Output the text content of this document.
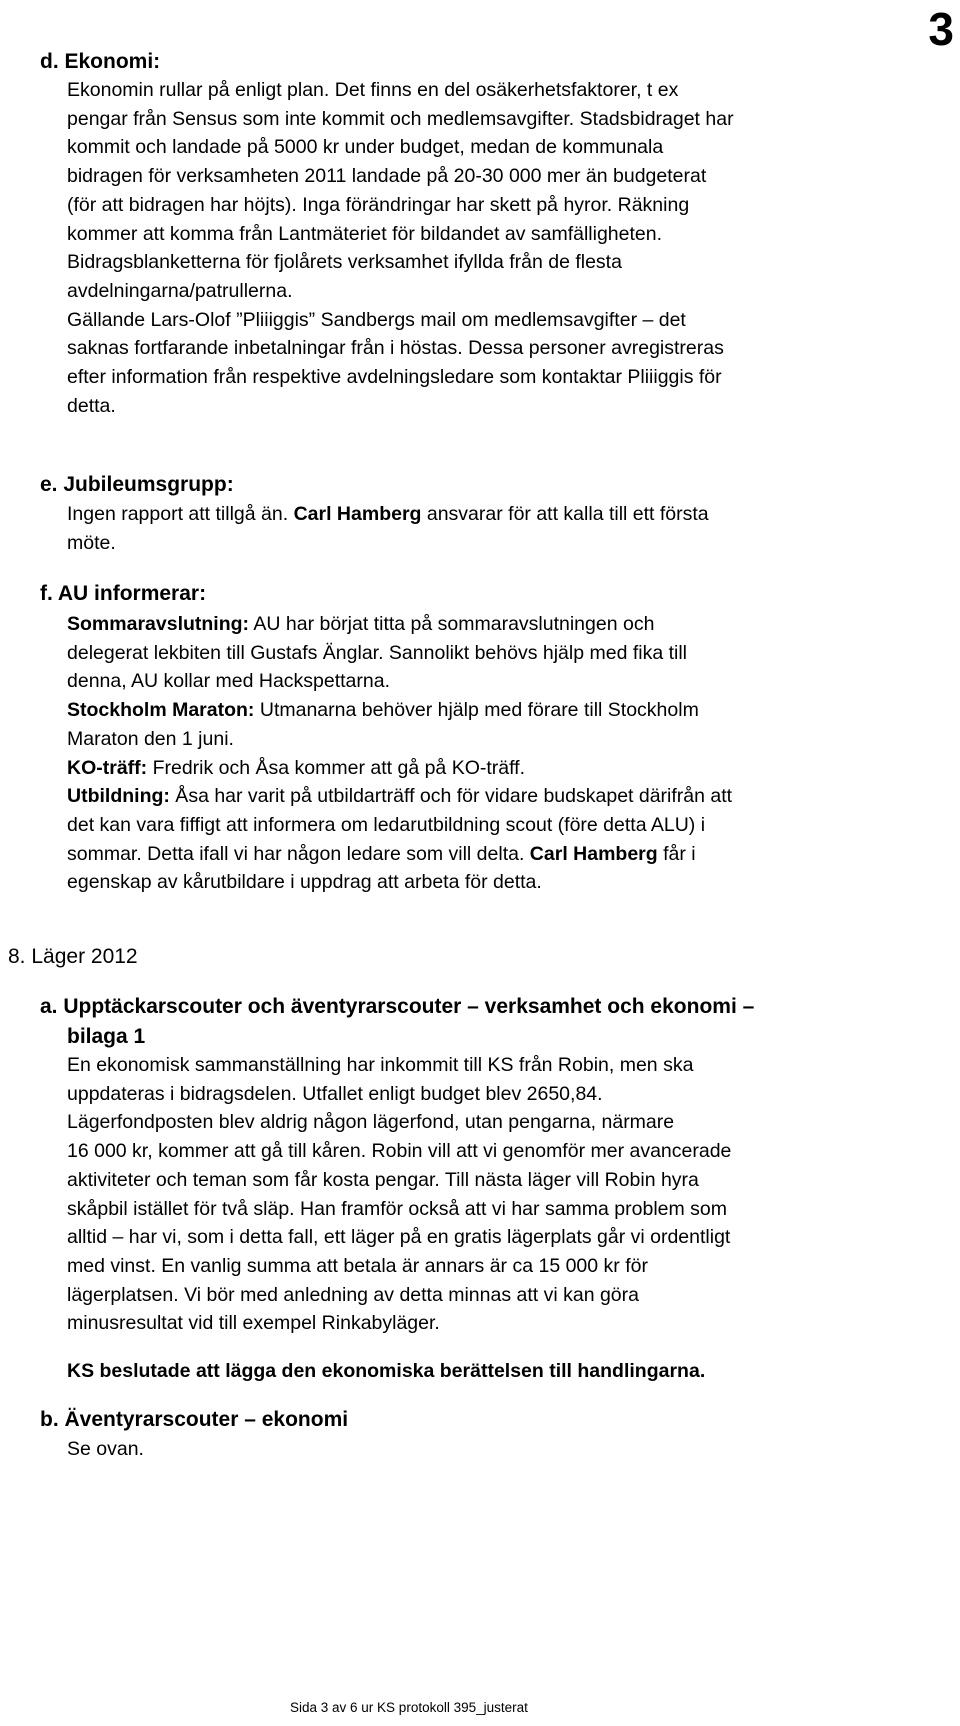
3
d. Ekonomi:

Ekonomin rullar på enligt plan. Det finns en del osäkerhetsfaktorer, t ex

pengar från Sensus som inte kommit och medlemsavgifter. Stadsbidraget har

kommit och landade på 5000 kr under budget, medan de kommunala

bidragen för verksamheten 2011 landade på 20-30 000 mer än budgeterat

(för att bidragen har höjts). Inga förändringar har skett på hyror. Räkning

kommer att komma från Lantmäteriet för bildandet av samfälligheten.

Bidragsblanketterna för fjolårets verksamhet ifyllda från de flesta

avdelningarna/patrullerna.

Gällande Lars-Olof ”Pliiiggis” Sandbergs mail om medlemsavgifter – det

saknas fortfarande inbetalningar från i höstas. Dessa personer avregistreras

efter information från respektive avdelningsledare som kontaktar Pliiiggis för

detta.

e. Jubileumsgrupp:

Ingen rapport att tillgå än. Carl Hamberg ansvarar för att kalla till ett första

möte.

f. AU informerar:

Sommaravslutning: AU har börjat titta på sommaravslutningen och

delegerat lekbiten till Gustafs Änglar. Sannolikt behövs hjälp med fika till

denna, AU kollar med Hackspettarna.

Stockholm Maraton: Utmanarna behöver hjälp med förare till Stockholm

Maraton den 1 juni.

KO-träff: Fredrik och Åsa kommer att gå på KO-träff.

Utbildning: Åsa har varit på utbildarträff och för vidare budskapet därifrån att

det kan vara fiffigt att informera om ledarutbildning scout (före detta ALU) i

sommar. Detta ifall vi har någon ledare som vill delta. Carl Hamberg får i

egenskap av kårutbildare i uppdrag att arbeta för detta.

8. Läger 2012
a. Upptäckarscouter och äventyrarscouter – verksamhet och ekonomi –
bilaga 1

En ekonomisk sammanställning har inkommit till KS från Robin, men ska

uppdateras i bidragsdelen. Utfallet enligt budget blev 2650,84.

Lägerfondposten blev aldrig någon lägerfond, utan pengarna, närmare

16 000 kr, kommer att gå till kåren. Robin vill att vi genomför mer avancerade

aktiviteter och teman som får kosta pengar. Till nästa läger vill Robin hyra

skåpbil istället för två släp. Han framför också att vi har samma problem som

alltid – har vi, som i detta fall, ett läger på en gratis lägerplats går vi ordentligt

med vinst. En vanlig summa att betala är annars är ca 15 000 kr för

lägerplatsen. Vi bör med anledning av detta minnas att vi kan göra

minusresultat vid till exempel Rinkabyläger.

KS beslutade att lägga den ekonomiska berättelsen till handlingarna.

b. Äventyrarscouter – ekonomi

Se ovan.

Sida 3 av 6 ur KS protokoll 395_justerat
